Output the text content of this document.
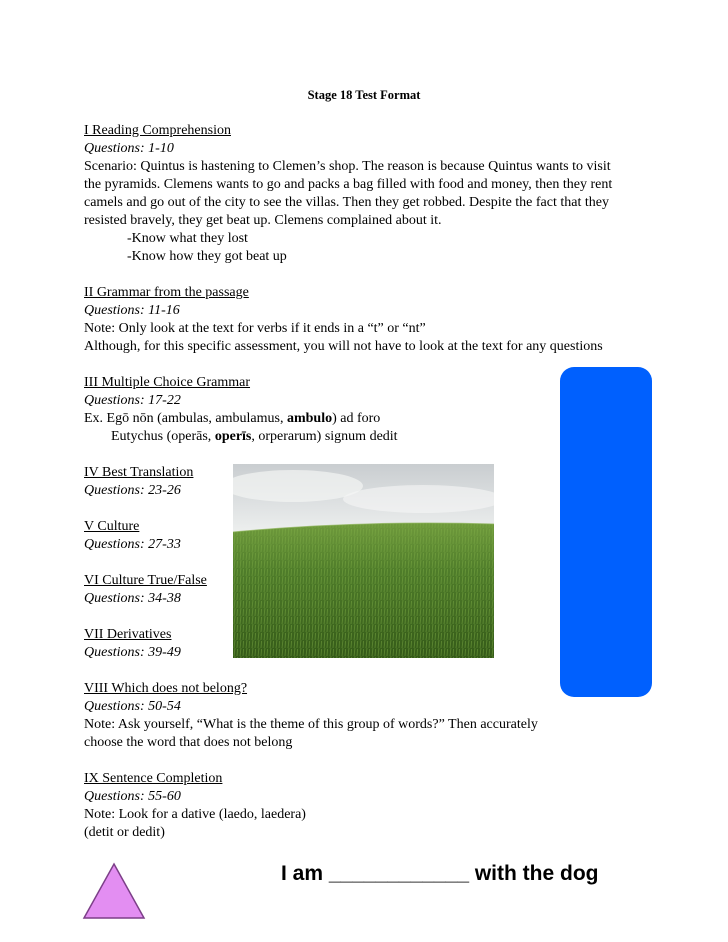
Stage 18 Test Format
I Reading Comprehension
Questions: 1-10
Scenario: Quintus is hastening to Clemen’s shop. The reason is because Quintus wants to visit
the pyramids. Clemens wants to go and packs a bag filled with food and money, then they rent
camels and go out of the city to see the villas. Then they get robbed. Despite the fact that they
resisted bravely, they get beat up. Clemens complained about it.
-Know what they lost
-Know how they got beat up
II Grammar from the passage
Questions: 11-16
Note: Only look at the text for verbs if it ends in a “t” or “nt”
Although, for this specific assessment, you will not have to look at the text for any questions
III Multiple Choice Grammar
Questions: 17-22
Ex. Egō nōn (ambulas, ambulamus, ambulo) ad foro
Eutychus (operās, operīs, orperarum) signum dedit
IV Best Translation
Questions: 23-26
V Culture
Questions: 27-33
VI Culture True/False
Questions: 34-38
VII Derivatives
Questions: 39-49
VIII Which does not belong?
Questions: 50-54
Note: Ask yourself, “What is the theme of this group of words?” Then accurately
choose the word that does not belong
IX Sentence Completion
Questions: 55-60
Note: Look for a dative (laedo, laedera)
(detit or dedit)
I am ____________ with the dog
